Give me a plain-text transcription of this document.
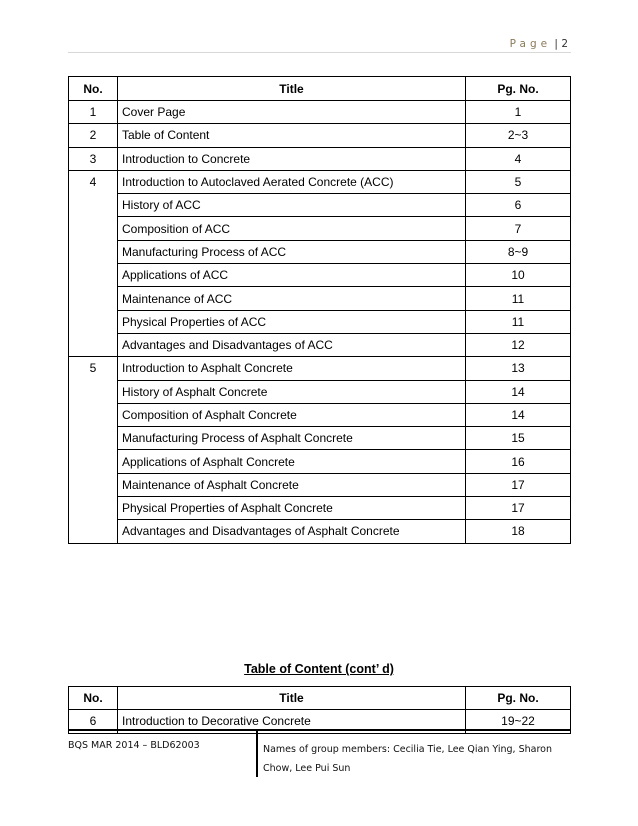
Page | 2
No.	Title	Pg. No.
1	Cover Page	1
2	Table of Content	2~3
3	Introduction to Concrete	4
4	Introduction to Autoclaved Aerated Concrete (ACC)	5
	History of ACC	6
	Composition of ACC	7
	Manufacturing Process of ACC	8~9
	Applications of ACC	10
	Maintenance of ACC	11
	Physical Properties of ACC	11
	Advantages and Disadvantages of ACC	12
5	Introduction to Asphalt Concrete	13
	History of Asphalt Concrete	14
	Composition of Asphalt Concrete	14
	Manufacturing Process of Asphalt Concrete	15
	Applications of Asphalt Concrete	16
	Maintenance of Asphalt Concrete	17
	Physical Properties of Asphalt Concrete	17
	Advantages and Disadvantages of Asphalt Concrete	18
Table of Content (cont’ d)
No.	Title	Pg. No.
6	Introduction to Decorative Concrete	19~22
BQS MAR 2014 – BLD62003	Names of group members: Cecilia Tie, Lee Qian Ying, Sharon Chow, Lee Pui Sun
